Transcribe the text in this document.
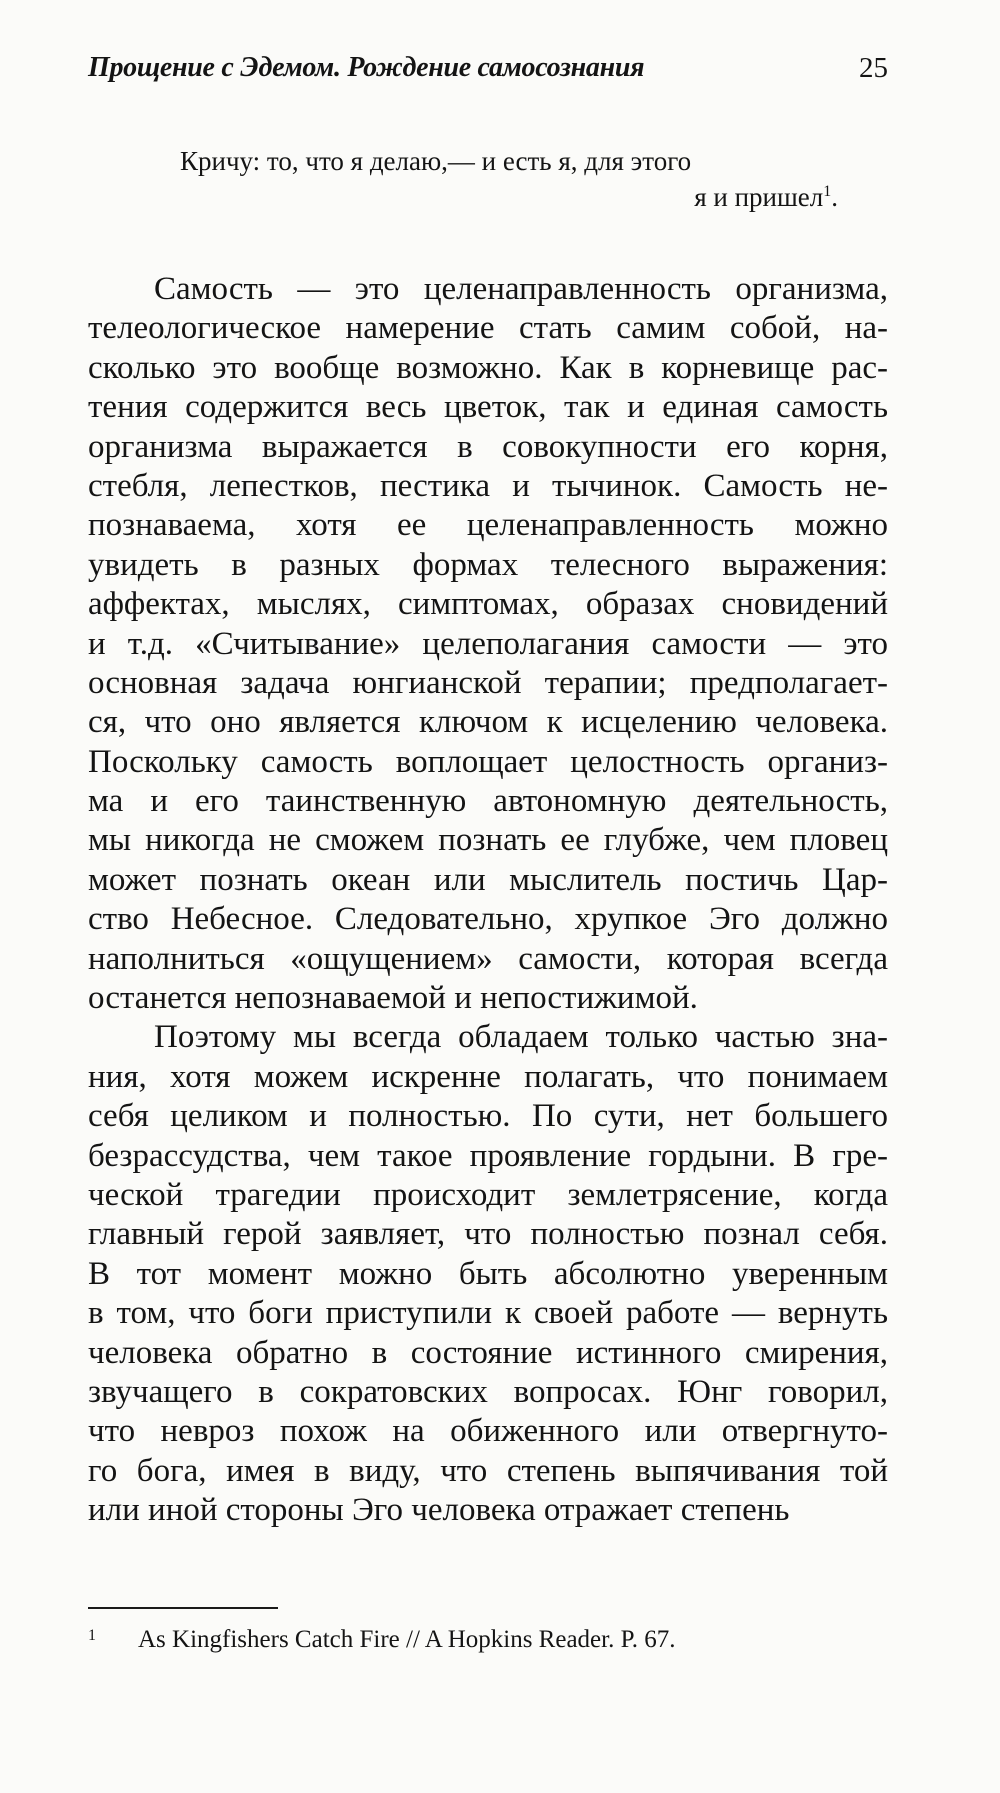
Прощение с Эдемом. Рождение самосознания	25
Кричу: то, что я делаю,— и есть я, для этого
я и пришел$^1$.
Самость — это целенаправленность организма,
телеологическое намерение стать самим собой, на-
сколько это вообще возможно. Как в корневище рас-
тения содержится весь цветок, так и единая самость
организма выражается в совокупности его корня,
стебля, лепестков, пестика и тычинок. Самость не-
познаваема, хотя ее целенаправленность можно
увидеть в разных формах телесного выражения:
аффектах, мыслях, симптомах, образах сновидений
и т.д. «Считывание» целеполагания самости — это
основная задача юнгианской терапии; предполагает-
ся, что оно является ключом к исцелению человека.
Поскольку самость воплощает целостность организ-
ма и его таинственную автономную деятельность,
мы никогда не сможем познать ее глубже, чем пловец
может познать океан или мыслитель постичь Цар-
ство Небесное. Следовательно, хрупкое Эго должно
наполниться «ощущением» самости, которая всегда
останется непознаваемой и непостижимой.
Поэтому мы всегда обладаем только частью зна-
ния, хотя можем искренне полагать, что понимаем
себя целиком и полностью. По сути, нет большего
безрассудства, чем такое проявление гордыни. В гре-
ческой трагедии происходит землетрясение, когда
главный герой заявляет, что полностью познал себя.
В тот момент можно быть абсолютно уверенным
в том, что боги приступили к своей работе — вернуть
человека обратно в состояние истинного смирения,
звучащего в сократовских вопросах. Юнг говорил,
что невроз похож на обиженного или отвергнуто-
го бога, имея в виду, что степень выпячивания той
или иной стороны Эго человека отражает степень
1 As Kingfishers Catch Fire // A Hopkins Reader. P. 67.
